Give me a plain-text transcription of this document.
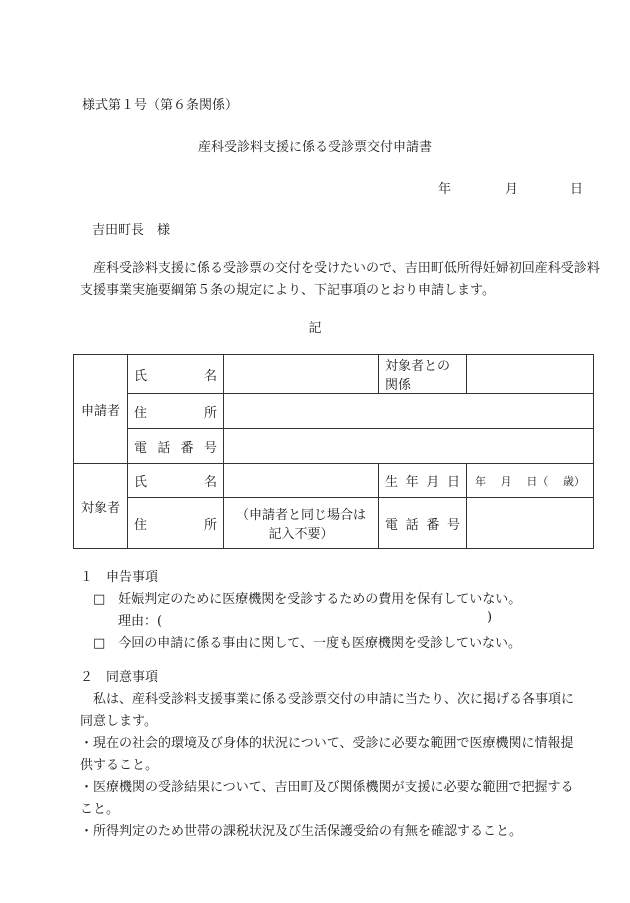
様式第１号（第６条関係）
産科受診料支援に係る受診票交付申請書
年	月	日
吉田町長　様

産科受診料支援に係る受診票の交付を受けたいので、吉田町低所得妊婦初回産科受診料支援事業実施要綱第５条の規定により、下記事項のとおり申請します。

記
申請者	氏 名		対象者との関係	

	住 所			

	電 話 番 号			

対象者	氏 名		生 年 月 日	年 月 日（ 歳）

	住 所	（申請者と同じ場合は記入不要）	電 話 番 号	

１　申告事項
□　妊娠判定のために医療機関を受診するための費用を保有していない。
理由：(	)
□　今回の申請に係る事由に関して、一度も医療機関を受診していない。
２　同意事項
私は、産科受診料支援事業に係る受診票交付の申請に当たり、次に掲げる各事項に
同意します。
・現在の社会的環境及び身体的状況について、受診に必要な範囲で医療機関に情報提
供すること。
・医療機関の受診結果について、吉田町及び関係機関が支援に必要な範囲で把握する
こと。
・所得判定のため世帯の課税状況及び生活保護受給の有無を確認すること。
